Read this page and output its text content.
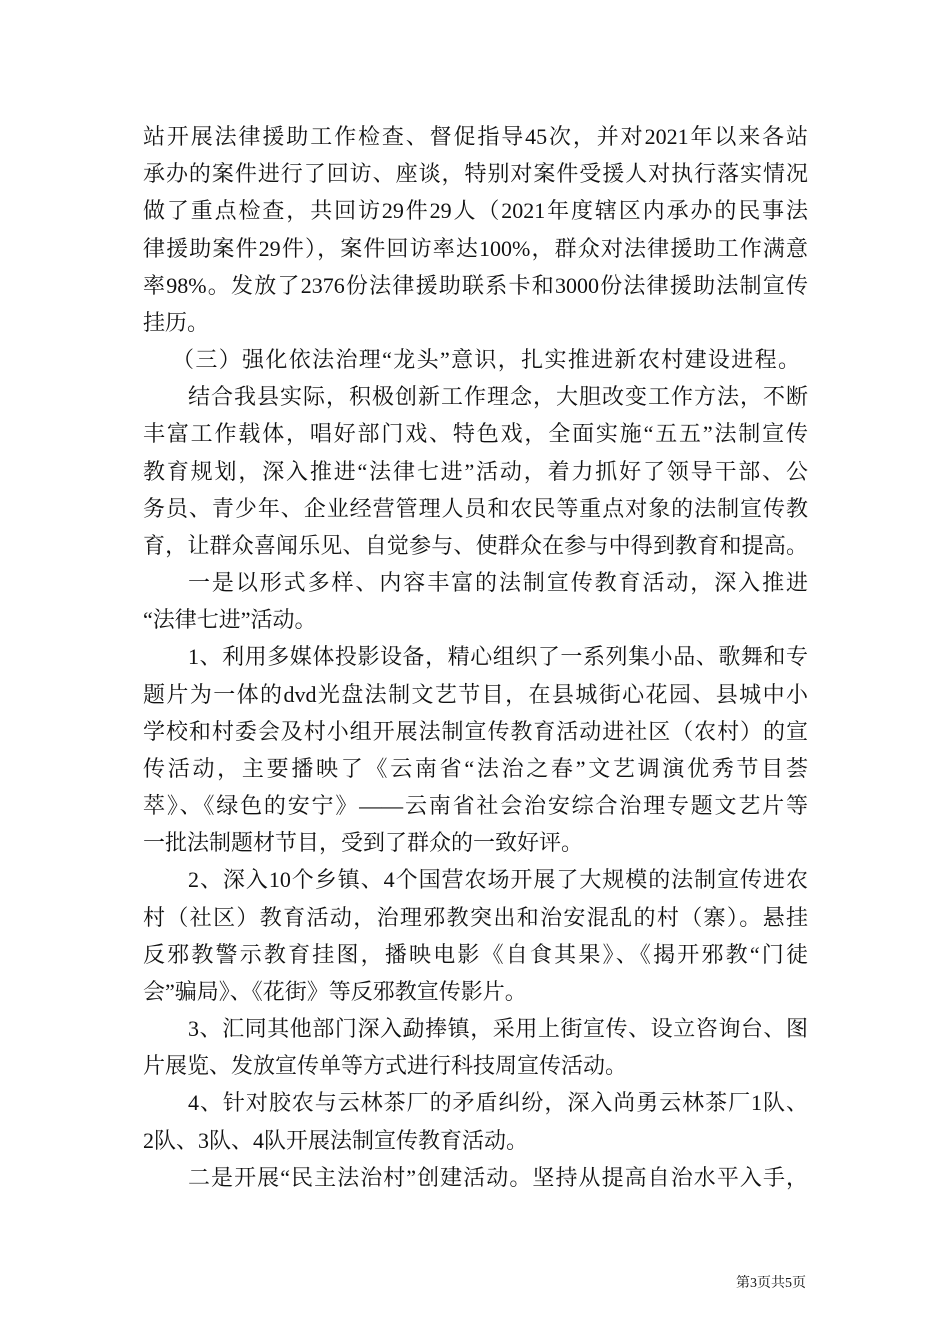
站开展法律援助工作检查、督促指导45次，并对2021年以来各站
承办的案件进行了回访、座谈，特别对案件受援人对执行落实情况
做了重点检查，共回访29件29人（2021年度辖区内承办的民事法
律援助案件29件），案件回访率达100%，群众对法律援助工作满意
率98%。发放了2376份法律援助联系卡和3000份法律援助法制宣传
挂历。
（三）强化依法治理“龙头”意识，扎实推进新农村建设进程。
结合我县实际，积极创新工作理念，大胆改变工作方法，不断
丰富工作载体，唱好部门戏、特色戏，全面实施“五五”法制宣传
教育规划，深入推进“法律七进”活动，着力抓好了领导干部、公
务员、青少年、企业经营管理人员和农民等重点对象的法制宣传教
育，让群众喜闻乐见、自觉参与、使群众在参与中得到教育和提高。
一是以形式多样、内容丰富的法制宣传教育活动，深入推进
“法律七进”活动。
1、利用多媒体投影设备，精心组织了一系列集小品、歌舞和专
题片为一体的dvd光盘法制文艺节目，在县城街心花园、县城中小
学校和村委会及村小组开展法制宣传教育活动进社区（农村）的宣
传活动，主要播映了《云南省“法治之春”文艺调演优秀节目荟
萃》、《绿色的安宁》——云南省社会治安综合治理专题文艺片等
一批法制题材节目，受到了群众的一致好评。
2、深入10个乡镇、4个国营农场开展了大规模的法制宣传进农
村（社区）教育活动，治理邪教突出和治安混乱的村（寨）。悬挂
反邪教警示教育挂图，播映电影《自食其果》、《揭开邪教“门徒
会”骗局》、《花街》等反邪教宣传影片。
3、汇同其他部门深入勐捧镇，采用上街宣传、设立咨询台、图
片展览、发放宣传单等方式进行科技周宣传活动。
4、针对胶农与云林茶厂的矛盾纠纷，深入尚勇云林茶厂1队、
2队、3队、4队开展法制宣传教育活动。
二是开展“民主法治村”创建活动。坚持从提高自治水平入手，
第3页共5页
